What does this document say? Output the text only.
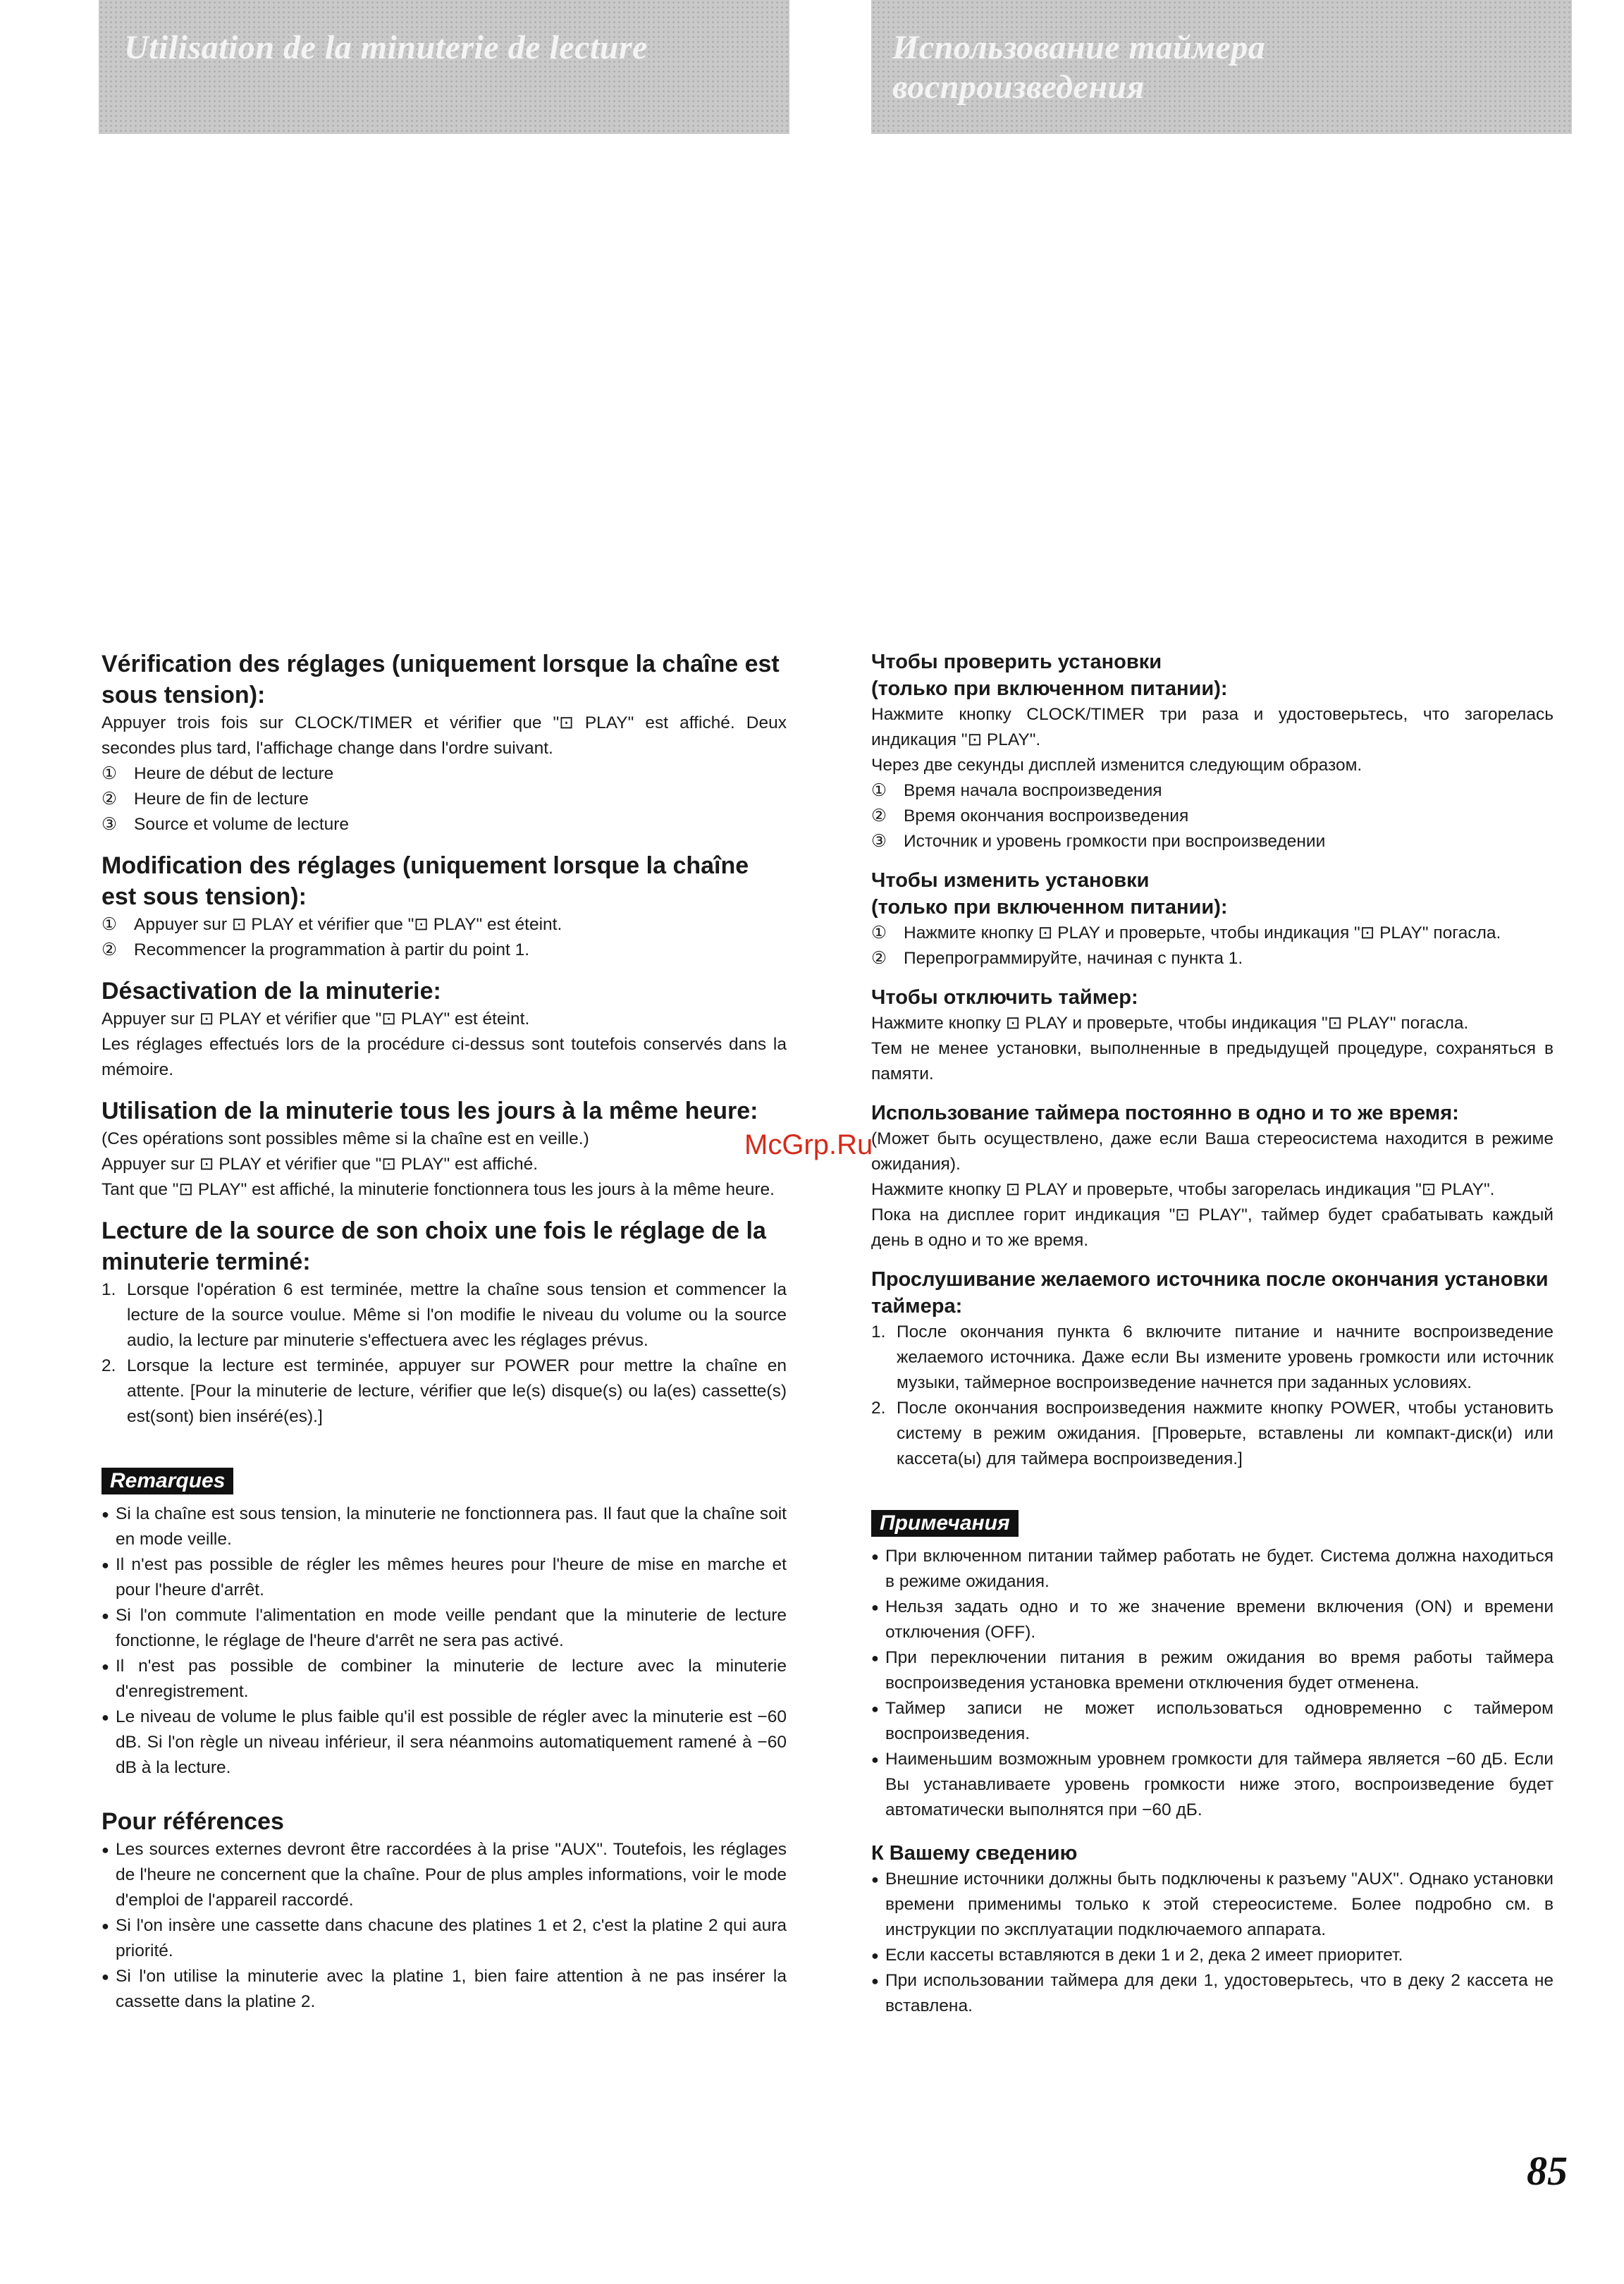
Utilisation de la minuterie de lecture	Использование таймера
воспроизведения
Vérification des réglages (uniquement lorsque la chaîne est sous tension):

Appuyer trois fois sur CLOCK/TIMER et vérifier que "⊡ PLAY" est affiché. Deux secondes plus tard, l'affichage change dans l'ordre suivant.

① Heure de début de lecture
② Heure de fin de lecture
③ Source et volume de lecture
Modification des réglages (uniquement lorsque la chaîne est sous tension):
① Appuyer sur ⊡ PLAY et vérifier que "⊡ PLAY" est éteint.
② Recommencer la programmation à partir du point 1.
Désactivation de la minuterie:

Appuyer sur ⊡ PLAY et vérifier que "⊡ PLAY" est éteint.

Les réglages effectués lors de la procédure ci-dessus sont toutefois conservés dans la mémoire.

Utilisation de la minuterie tous les jours à la même heure:

(Ces opérations sont possibles même si la chaîne est en veille.)

Appuyer sur ⊡ PLAY et vérifier que "⊡ PLAY" est affiché.

Tant que "⊡ PLAY" est affiché, la minuterie fonctionnera tous les jours à la même heure.

Lecture de la source de son choix une fois le réglage de la minuterie terminé:
1. Lorsque l'opération 6 est terminée, mettre la chaîne sous tension et commencer la lecture de la source voulue. Même si l'on modifie le niveau du volume ou la source audio, la lecture par minuterie s'effectuera avec les réglages prévus.
2. Lorsque la lecture est terminée, appuyer sur POWER pour mettre la chaîne en attente. [Pour la minuterie de lecture, vérifier que le(s) disque(s) ou la(es) cassette(s) est(sont) bien inséré(es).]
Remarques
● Si la chaîne est sous tension, la minuterie ne fonctionnera pas. Il faut que la chaîne soit en mode veille.
● Il n'est pas possible de régler les mêmes heures pour l'heure de mise en marche et pour l'heure d'arrêt.
● Si l'on commute l'alimentation en mode veille pendant que la minuterie de lecture fonctionne, le réglage de l'heure d'arrêt ne sera pas activé.
● Il n'est pas possible de combiner la minuterie de lecture avec la minuterie d'enregistrement.
● Le niveau de volume le plus faible qu'il est possible de régler avec la minuterie est −60 dB. Si l'on règle un niveau inférieur, il sera néanmoins automatiquement ramené à −60 dB à la lecture.
Pour références
● Les sources externes devront être raccordées à la prise "AUX". Toutefois, les réglages de l'heure ne concernent que la chaîne. Pour de plus amples informations, voir le mode d'emploi de l'appareil raccordé.
● Si l'on insère une cassette dans chacune des platines 1 et 2, c'est la platine 2 qui aura priorité.
● Si l'on utilise la minuterie avec la platine 1, bien faire attention à ne pas insérer la cassette dans la platine 2.
Чтобы проверить установки
(только при включенном питании):

Нажмите кнопку CLOCK/TIMER три раза и удостоверьтесь, что загорелась индикация "⊡ PLAY".

Через две секунды дисплей изменится следующим образом.

① Время начала воспроизведения
② Время окончания воспроизведения
③ Источник и уровень громкости при воспроизведении
Чтобы изменить установки
(только при включенном питании):
① Нажмите кнопку ⊡ PLAY и проверьте, чтобы индикация "⊡ PLAY" погасла.
② Перепрограммируйте, начиная с пункта 1.
Чтобы отключить таймер:

Нажмите кнопку ⊡ PLAY и проверьте, чтобы индикация "⊡ PLAY" погасла.

Тем не менее установки, выполненные в предыдущей процедуре, сохраняться в памяти.

Использование таймера постоянно в одно и то же время:

(Может быть осуществлено, даже если Ваша стереосистема находится в режиме ожидания).

Нажмите кнопку ⊡ PLAY и проверьте, чтобы загорелась индикация "⊡ PLAY".

Пока на дисплее горит индикация "⊡ PLAY", таймер будет срабатывать каждый день в одно и то же время.

Прослушивание желаемого источника после окончания установки таймера:
1. После окончания пункта 6 включите питание и начните воспроизведение желаемого источника. Даже если Вы измените уровень громкости или источник музыки, таймерное воспроизведение начнется при заданных условиях.
2. После окончания воспроизведения нажмите кнопку POWER, чтобы установить систему в режим ожидания. [Проверьте, вставлены ли компакт-диск(и) или кассета(ы) для таймера воспроизведения.]
Примечания
● При включенном питании таймер работать не будет. Система должна находиться в режиме ожидания.
● Нельзя задать одно и то же значение времени включения (ON) и времени отключения (OFF).
● При переключении питания в режим ожидания во время работы таймера воспроизведения установка времени отключения будет отменена.
● Таймер записи не может использоваться одновременно с таймером воспроизведения.
● Наименьшим возможным уровнем громкости для таймера является −60 дБ. Если Вы устанавливаете уровень громкости ниже этого, воспроизведение будет автоматически выполнятся при −60 дБ.
К Вашему сведению
● Внешние источники должны быть подключены к разъему "AUX". Однако установки времени применимы только к этой стереосистеме. Более подробно см. в инструкции по эксплуатации подключаемого аппарата.
● Если кассеты вставляются в деки 1 и 2, дека 2 имеет приоритет.
● При использовании таймера для деки 1, удостоверьтесь, что в деку 2 кассета не вставлена.
McGrp.Ru
85
